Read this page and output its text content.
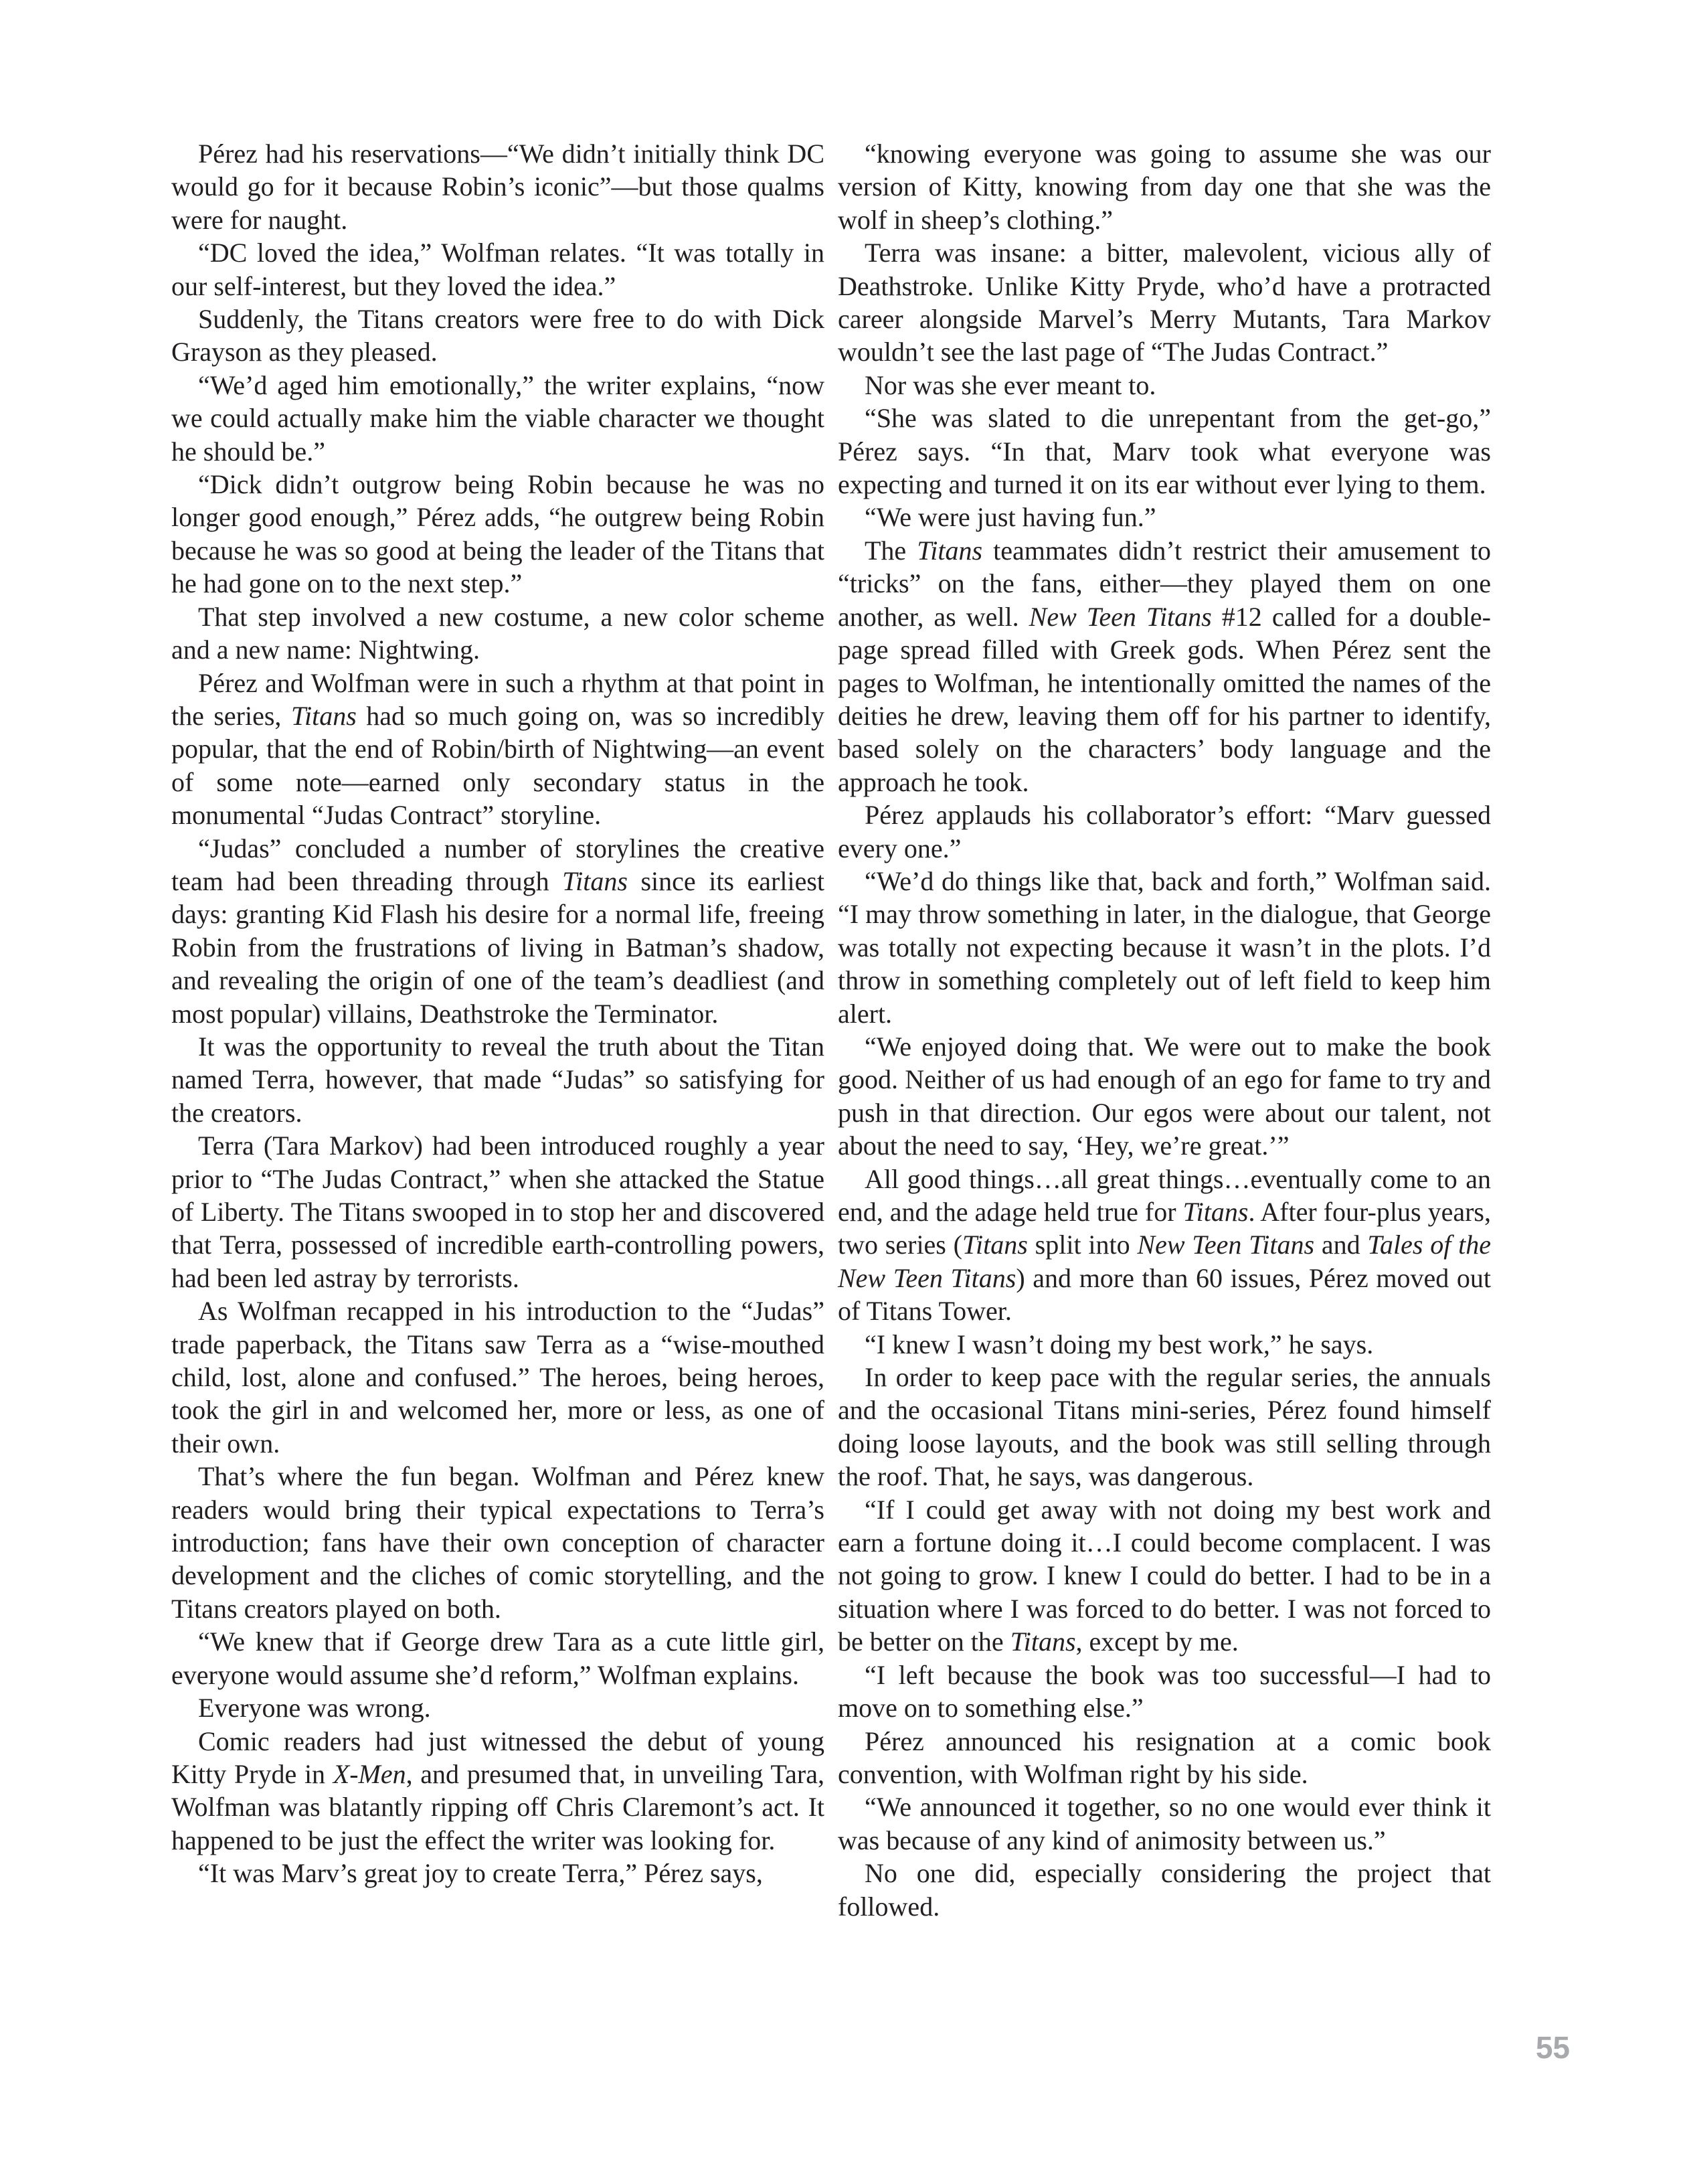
Pérez had his reservations—“We didn’t initially think DC would go for it because Robin’s iconic”—but those qualms were for naught.

“DC loved the idea,” Wolfman relates. “It was totally in our self-interest, but they loved the idea.”

Suddenly, the Titans creators were free to do with Dick Grayson as they pleased.

“We’d aged him emotionally,” the writer explains, “now we could actually make him the viable character we thought he should be.”

“Dick didn’t outgrow being Robin because he was no longer good enough,” Pérez adds, “he outgrew being Robin because he was so good at being the leader of the Titans that he had gone on to the next step.”

That step involved a new costume, a new color scheme and a new name: Nightwing.

Pérez and Wolfman were in such a rhythm at that point in the series, Titans had so much going on, was so incredibly popular, that the end of Robin/birth of Nightwing—an event of some note—earned only secondary status in the monumental “Judas Contract” storyline.

“Judas” concluded a number of storylines the creative team had been threading through Titans since its earliest days: granting Kid Flash his desire for a normal life, freeing Robin from the frustrations of living in Batman’s shadow, and revealing the origin of one of the team’s deadliest (and most popular) villains, Deathstroke the Terminator.

It was the opportunity to reveal the truth about the Titan named Terra, however, that made “Judas” so satisfying for the creators.

Terra (Tara Markov) had been introduced roughly a year prior to “The Judas Contract,” when she attacked the Statue of Liberty. The Titans swooped in to stop her and discovered that Terra, possessed of incredible earth-controlling powers, had been led astray by terrorists.

As Wolfman recapped in his introduction to the “Judas” trade paperback, the Titans saw Terra as a “wise-mouthed child, lost, alone and confused.” The heroes, being heroes, took the girl in and welcomed her, more or less, as one of their own.

That’s where the fun began. Wolfman and Pérez knew readers would bring their typical expectations to Terra’s introduction; fans have their own conception of character development and the cliches of comic storytelling, and the Titans creators played on both.

“We knew that if George drew Tara as a cute little girl, everyone would assume she’d reform,” Wolfman explains.

Everyone was wrong.

Comic readers had just witnessed the debut of young Kitty Pryde in X-Men, and presumed that, in unveiling Tara, Wolfman was blatantly ripping off Chris Claremont’s act. It happened to be just the effect the writer was looking for.

“It was Marv’s great joy to create Terra,” Pérez says,

“knowing everyone was going to assume she was our version of Kitty, knowing from day one that she was the wolf in sheep’s clothing.”

Terra was insane: a bitter, malevolent, vicious ally of Deathstroke. Unlike Kitty Pryde, who’d have a protracted career alongside Marvel’s Merry Mutants, Tara Markov wouldn’t see the last page of “The Judas Contract.”

Nor was she ever meant to.

“She was slated to die unrepentant from the get-go,” Pérez says. “In that, Marv took what everyone was expecting and turned it on its ear without ever lying to them.

“We were just having fun.”

The Titans teammates didn’t restrict their amusement to “tricks” on the fans, either—they played them on one another, as well. New Teen Titans #12 called for a double-page spread filled with Greek gods. When Pérez sent the pages to Wolfman, he intentionally omitted the names of the deities he drew, leaving them off for his partner to identify, based solely on the characters’ body language and the approach he took.

Pérez applauds his collaborator’s effort: “Marv guessed every one.”

“We’d do things like that, back and forth,” Wolfman said. “I may throw something in later, in the dialogue, that George was totally not expecting because it wasn’t in the plots. I’d throw in something completely out of left field to keep him alert.

“We enjoyed doing that. We were out to make the book good. Neither of us had enough of an ego for fame to try and push in that direction. Our egos were about our talent, not about the need to say, ‘Hey, we’re great.’”

All good things…all great things…eventually come to an end, and the adage held true for Titans. After four-plus years, two series (Titans split into New Teen Titans and Tales of the New Teen Titans) and more than 60 issues, Pérez moved out of Titans Tower.

“I knew I wasn’t doing my best work,” he says.

In order to keep pace with the regular series, the annuals and the occasional Titans mini-series, Pérez found himself doing loose layouts, and the book was still selling through the roof. That, he says, was dangerous.

“If I could get away with not doing my best work and earn a fortune doing it…I could become complacent. I was not going to grow. I knew I could do better. I had to be in a situation where I was forced to do better. I was not forced to be better on the Titans, except by me.

“I left because the book was too successful—I had to move on to something else.”

Pérez announced his resignation at a comic book convention, with Wolfman right by his side.

“We announced it together, so no one would ever think it was because of any kind of animosity between us.”

No one did, especially considering the project that followed.

55
